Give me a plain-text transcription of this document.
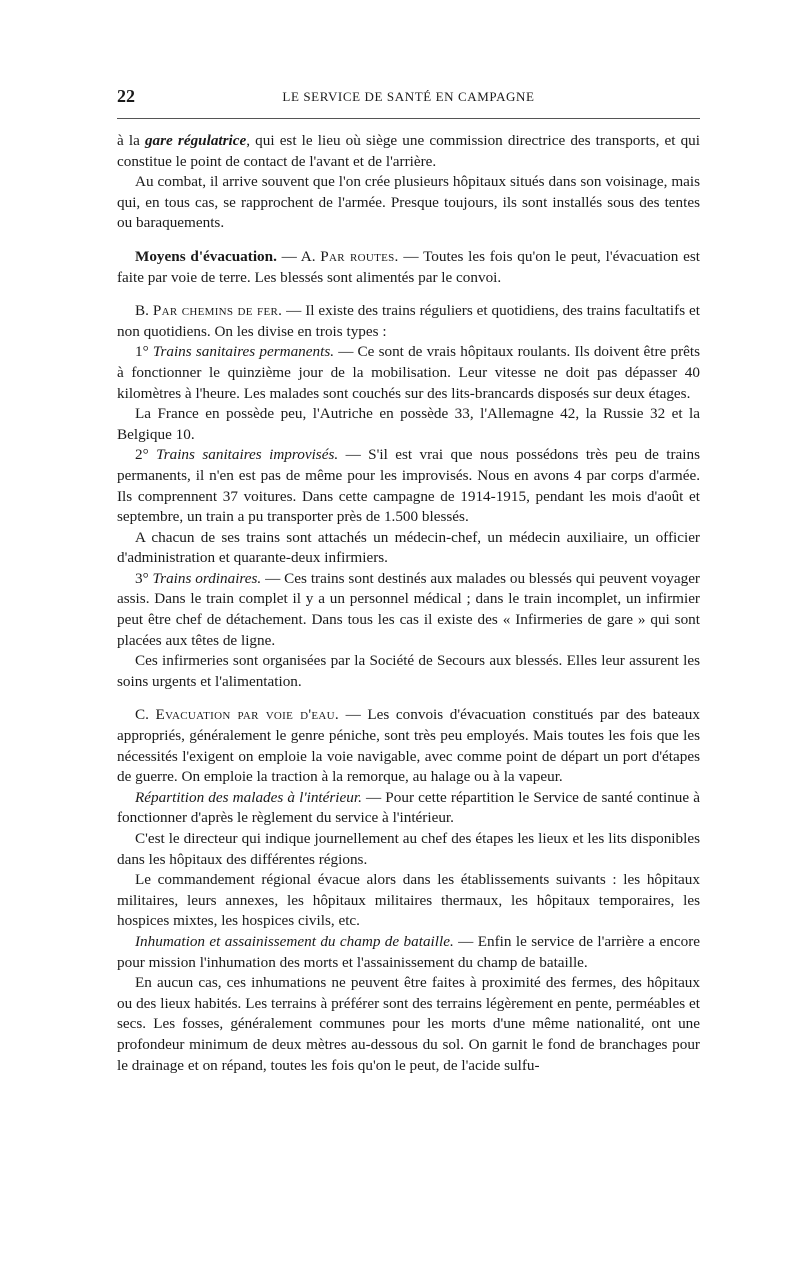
22	LE SERVICE DE SANTÉ EN CAMPAGNE

à la gare régulatrice, qui est le lieu où siège une commission directrice des transports, et qui constitue le point de contact de l'avant et de l'arrière.

Au combat, il arrive souvent que l'on crée plusieurs hôpitaux situés dans son voisinage, mais qui, en tous cas, se rapprochent de l'armée. Presque toujours, ils sont installés sous des tentes ou baraquements.

Moyens d'évacuation. — A. Par routes. — Toutes les fois qu'on le peut, l'évacuation est faite par voie de terre. Les blessés sont alimentés par le convoi.

B. Par chemins de fer. — Il existe des trains réguliers et quotidiens, des trains facultatifs et non quotidiens. On les divise en trois types :

1° Trains sanitaires permanents. — Ce sont de vrais hôpitaux roulants. Ils doivent être prêts à fonctionner le quinzième jour de la mobilisation. Leur vitesse ne doit pas dépasser 40 kilomètres à l'heure. Les malades sont couchés sur des lits-brancards disposés sur deux étages.

La France en possède peu, l'Autriche en possède 33, l'Allemagne 42, la Russie 32 et la Belgique 10.

2° Trains sanitaires improvisés. — S'il est vrai que nous possédons très peu de trains permanents, il n'en est pas de même pour les improvisés. Nous en avons 4 par corps d'armée. Ils comprennent 37 voitures. Dans cette campagne de 1914-1915, pendant les mois d'août et septembre, un train a pu transporter près de 1.500 blessés.

A chacun de ses trains sont attachés un médecin-chef, un médecin auxiliaire, un officier d'administration et quarante-deux infirmiers.

3° Trains ordinaires. — Ces trains sont destinés aux malades ou blessés qui peuvent voyager assis. Dans le train complet il y a un personnel médical ; dans le train incomplet, un infirmier peut être chef de détachement. Dans tous les cas il existe des « Infirmeries de gare » qui sont placées aux têtes de ligne.

Ces infirmeries sont organisées par la Société de Secours aux blessés. Elles leur assurent les soins urgents et l'alimentation.

C. Evacuation par voie d'eau. — Les convois d'évacuation constitués par des bateaux appropriés, généralement le genre péniche, sont très peu employés. Mais toutes les fois que les nécessités l'exigent on emploie la voie navigable, avec comme point de départ un port d'étapes de guerre. On emploie la traction à la remorque, au halage ou à la vapeur.

Répartition des malades à l'intérieur. — Pour cette répartition le Service de santé continue à fonctionner d'après le règlement du service à l'intérieur.

C'est le directeur qui indique journellement au chef des étapes les lieux et les lits disponibles dans les hôpitaux des différentes régions.

Le commandement régional évacue alors dans les établissements suivants : les hôpitaux militaires, leurs annexes, les hôpitaux militaires thermaux, les hôpitaux temporaires, les hospices mixtes, les hospices civils, etc.

Inhumation et assainissement du champ de bataille. — Enfin le service de l'arrière a encore pour mission l'inhumation des morts et l'assainissement du champ de bataille.

En aucun cas, ces inhumations ne peuvent être faites à proximité des fermes, des hôpitaux ou des lieux habités. Les terrains à préférer sont des terrains légèrement en pente, perméables et secs. Les fosses, généralement communes pour les morts d'une même nationalité, ont une profondeur minimum de deux mètres au-dessous du sol. On garnit le fond de branchages pour le drainage et on répand, toutes les fois qu'on le peut, de l'acide sulfu-
